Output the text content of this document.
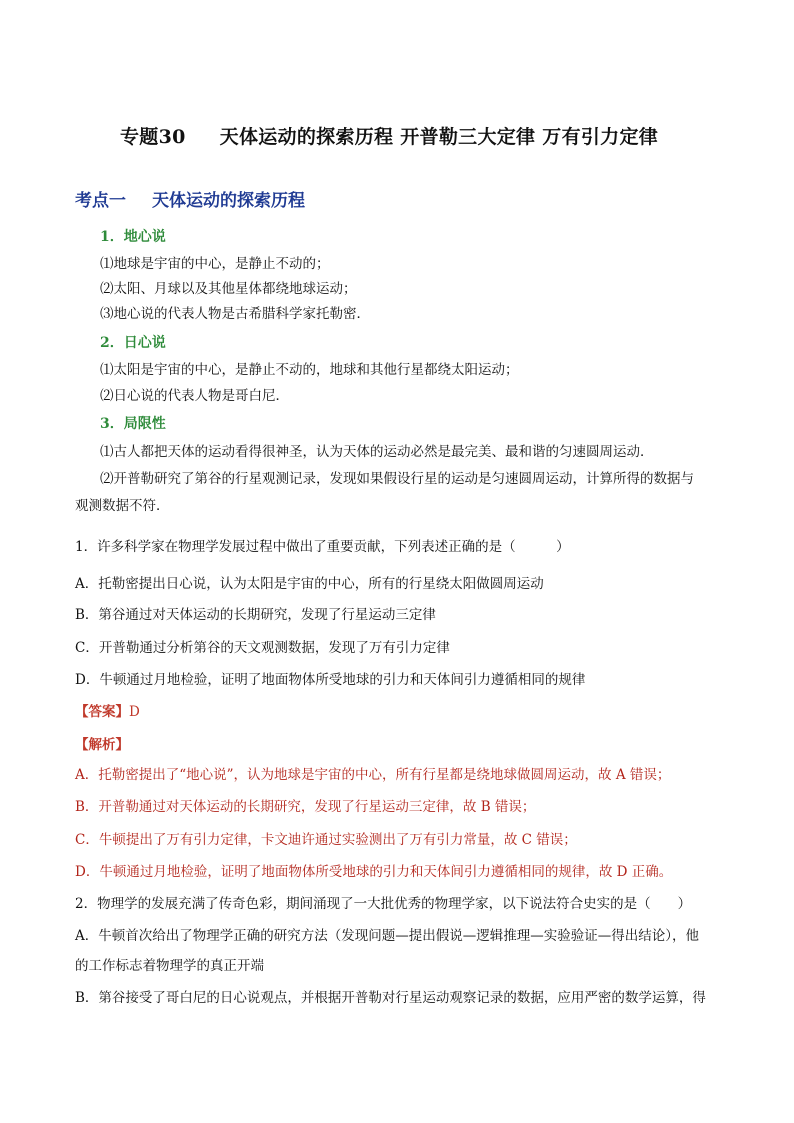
专题30 天体运动的探索历程 开普勒三大定律 万有引力定律
考点一 天体运动的探索历程
1．地心说
⑴地球是宇宙的中心，是静止不动的；
⑵太阳、月球以及其他星体都绕地球运动；
⑶地心说的代表人物是古希腊科学家托勒密．
2．日心说
⑴太阳是宇宙的中心，是静止不动的，地球和其他行星都绕太阳运动；
⑵日心说的代表人物是哥白尼．
3．局限性
⑴古人都把天体的运动看得很神圣，认为天体的运动必然是最完美、最和谐的匀速圆周运动．
⑵开普勒研究了第谷的行星观测记录，发现如果假设行星的运动是匀速圆周运动，计算所得的数据与
观测数据不符．
1．许多科学家在物理学发展过程中做出了重要贡献，下列表述正确的是（　　　）
A．托勒密提出日心说，认为太阳是宇宙的中心，所有的行星绕太阳做圆周运动
B．第谷通过对天体运动的长期研究，发现了行星运动三定律
C．开普勒通过分析第谷的天文观测数据，发现了万有引力定律
D．牛顿通过月地检验，证明了地面物体所受地球的引力和天体间引力遵循相同的规律
【答案】D
【解析】
A．托勒密提出了“地心说”，认为地球是宇宙的中心，所有行星都是绕地球做圆周运动，故 A 错误；
B．开普勒通过对天体运动的长期研究，发现了行星运动三定律，故 B 错误；
C．牛顿提出了万有引力定律，卡文迪许通过实验测出了万有引力常量，故 C 错误；
D．牛顿通过月地检验，证明了地面物体所受地球的引力和天体间引力遵循相同的规律，故 D 正确。
2．物理学的发展充满了传奇色彩，期间涌现了一大批优秀的物理学家，以下说法符合史实的是（　　）
A．牛顿首次给出了物理学正确的研究方法（发现问题—提出假说—逻辑推理—实验验证—得出结论），他
的工作标志着物理学的真正开端
B．第谷接受了哥白尼的日心说观点，并根据开普勒对行星运动观察记录的数据，应用严密的数学运算，得
